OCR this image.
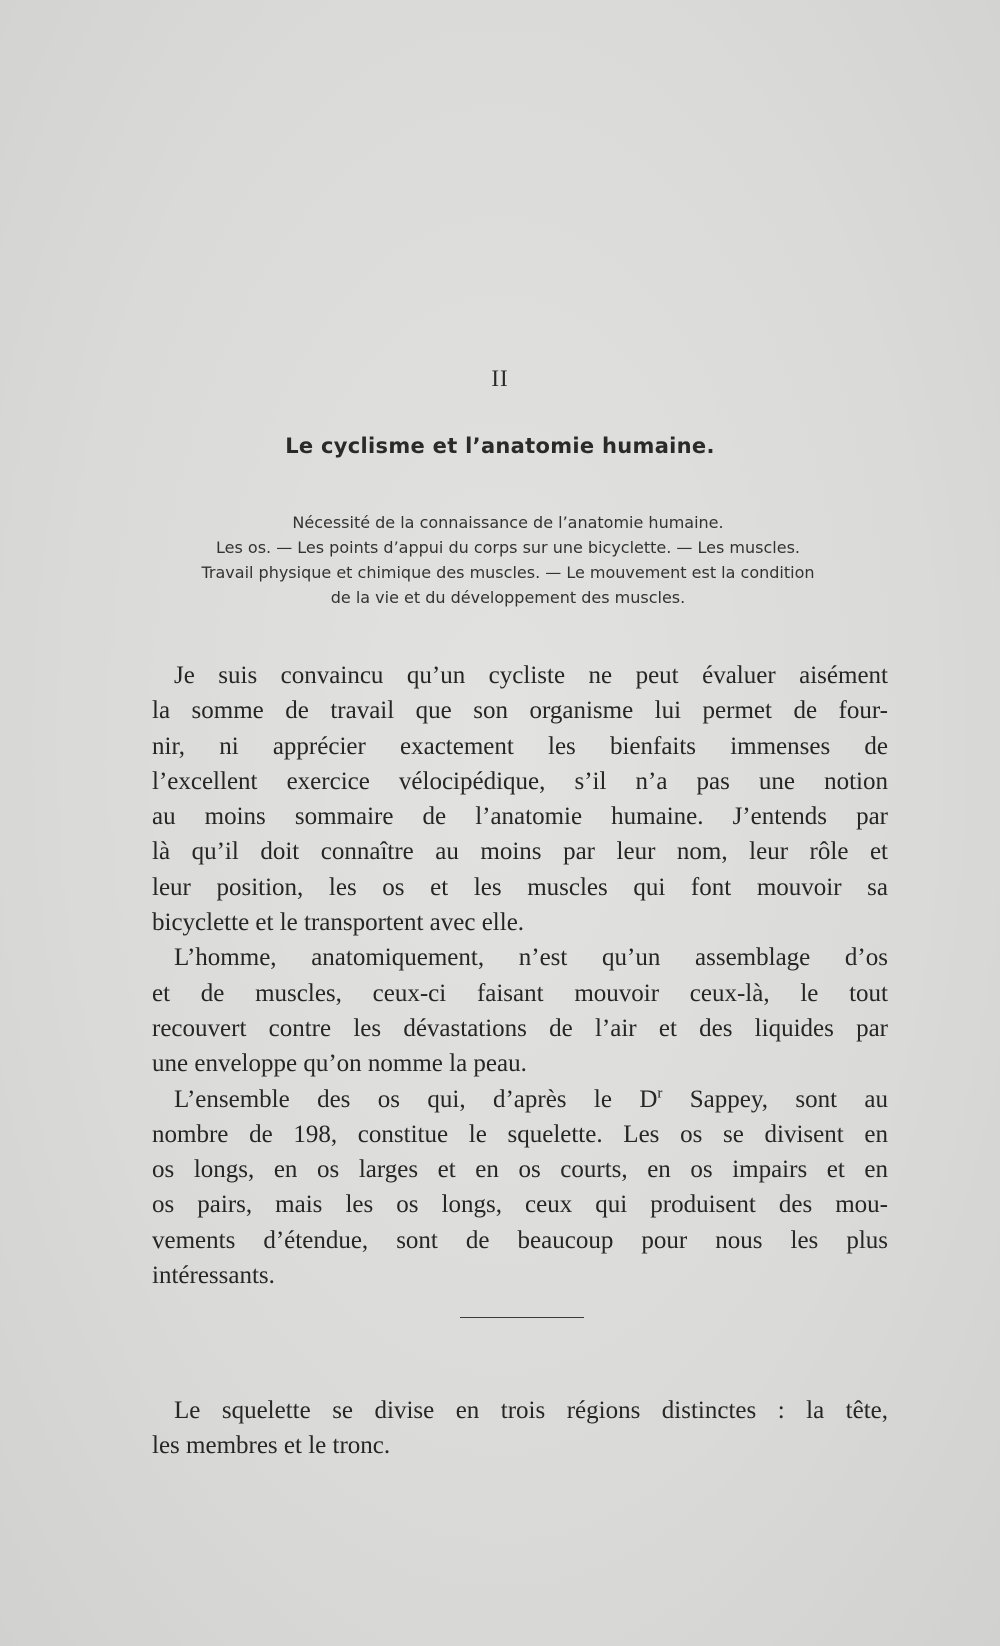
II
Le cyclisme et l’anatomie humaine.
Nécessité de la connaissance de l’anatomie humaine.
Les os. — Les points d’appui du corps sur une bicyclette. — Les muscles.
Travail physique et chimique des muscles. — Le mouvement est la condition
de la vie et du développement des muscles.
Je suis convaincu qu’un cycliste ne peut évaluer aisément
la somme de travail que son organisme lui permet de four-
nir, ni apprécier exactement les bienfaits immenses de
l’excellent exercice vélocipédique, s’il n’a pas une notion
au moins sommaire de l’anatomie humaine. J’entends par
là qu’il doit connaître au moins par leur nom, leur rôle et
leur position, les os et les muscles qui font mouvoir sa
bicyclette et le transportent avec elle.
L’homme, anatomiquement, n’est qu’un assemblage d’os
et de muscles, ceux-ci faisant mouvoir ceux-là, le tout
recouvert contre les dévastations de l’air et des liquides par
une enveloppe qu’on nomme la peau.
L’ensemble des os qui, d’après le $D^r$ Sappey, sont au
nombre de 198, constitue le squelette. Les os se divisent en
os longs, en os larges et en os courts, en os impairs et en
os pairs, mais les os longs, ceux qui produisent des mou-
vements d’étendue, sont de beaucoup pour nous les plus
intéressants.
Le squelette se divise en trois régions distinctes : la tête,
les membres et le tronc.
